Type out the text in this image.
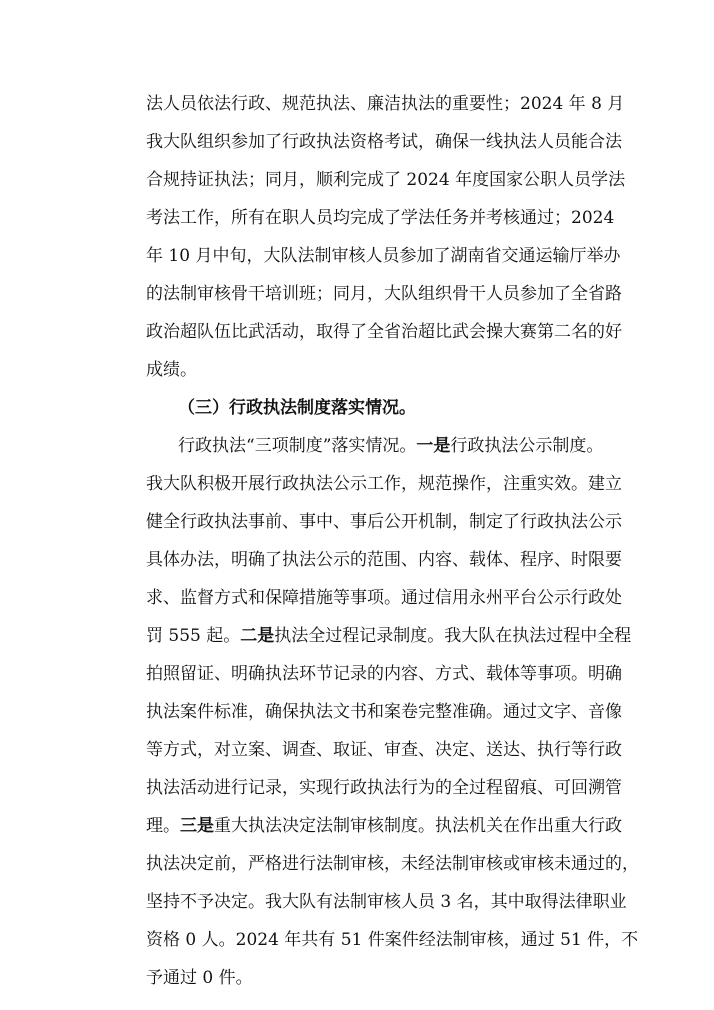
法人员依法行政、规范执法、廉洁执法的重要性；2024 年 8 月
我大队组织参加了行政执法资格考试，确保一线执法人员能合法
合规持证执法；同月，顺利完成了 2024 年度国家公职人员学法
考法工作，所有在职人员均完成了学法任务并考核通过；2024
年 10 月中旬，大队法制审核人员参加了湖南省交通运输厅举办
的法制审核骨干培训班；同月，大队组织骨干人员参加了全省路
政治超队伍比武活动，取得了全省治超比武会操大赛第二名的好
成绩。
（三）行政执法制度落实情况。
行政执法“三项制度”落实情况。一是行政执法公示制度。
我大队积极开展行政执法公示工作，规范操作，注重实效。建立
健全行政执法事前、事中、事后公开机制，制定了行政执法公示
具体办法，明确了执法公示的范围、内容、载体、程序、时限要
求、监督方式和保障措施等事项。通过信用永州平台公示行政处
罚 555 起。二是执法全过程记录制度。我大队在执法过程中全程
拍照留证、明确执法环节记录的内容、方式、载体等事项。明确
执法案件标准，确保执法文书和案卷完整准确。通过文字、音像
等方式，对立案、调查、取证、审查、决定、送达、执行等行政
执法活动进行记录，实现行政执法行为的全过程留痕、可回溯管
理。三是重大执法决定法制审核制度。执法机关在作出重大行政
执法决定前，严格进行法制审核，未经法制审核或审核未通过的，
坚持不予决定。我大队有法制审核人员 3 名，其中取得法律职业
资格 0 人。2024 年共有 51 件案件经法制审核，通过 51 件，不
予通过 0 件。
